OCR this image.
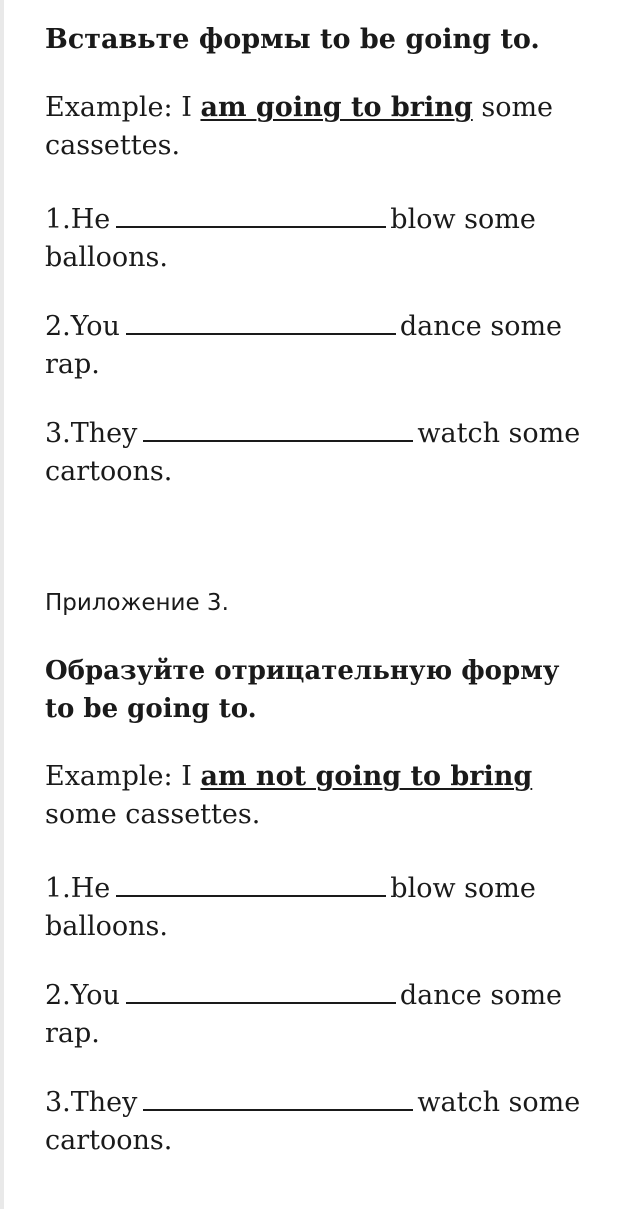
Вставьте формы to be going to.
Example: I am going to bring some
cassettes.
1.He	blow some
balloons.
2.You	dance some
rap.
3.They	watch some
cartoons.
Приложение 3.
Образуйте отрицательную форму
to be going to.
Example: I am not going to bring
some cassettes.
1.He	blow some
balloons.
2.You	dance some
rap.
3.They	watch some
cartoons.
